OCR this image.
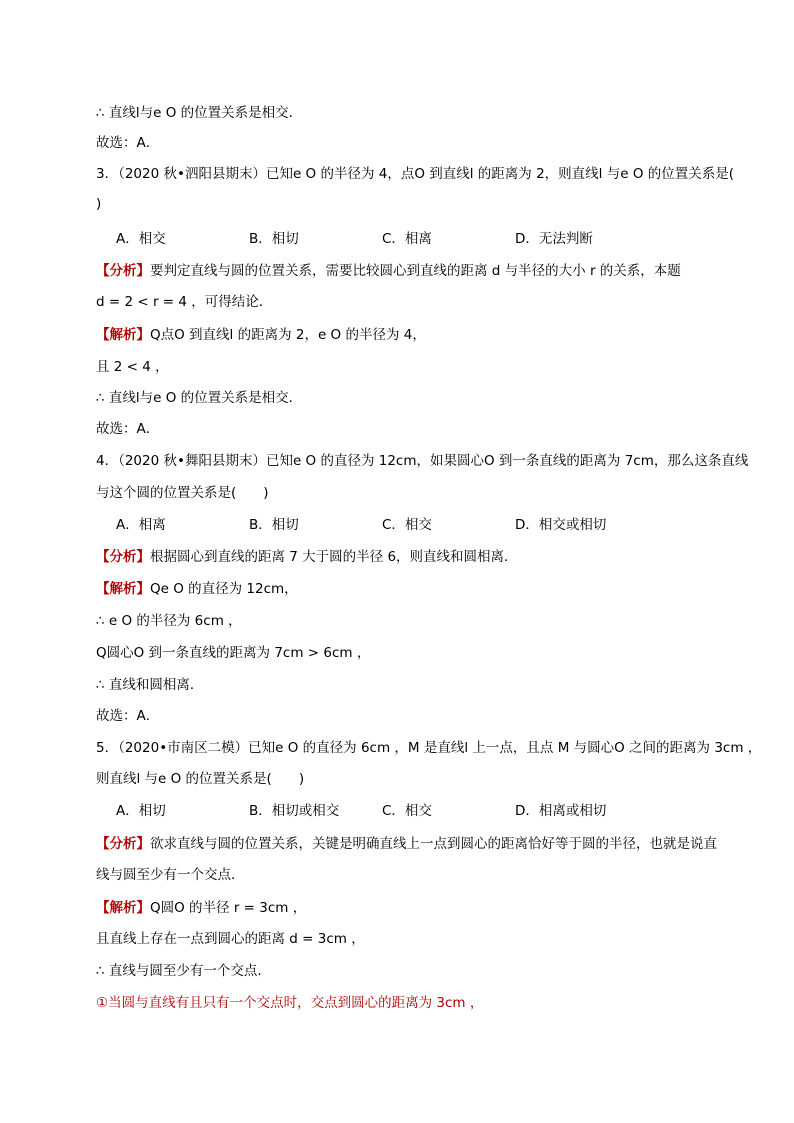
∴ 直线l与e O 的位置关系是相交．
故选：A．
3．（2020 秋•泗阳县期末）已知e O 的半径为 4，点O 到直线l 的距离为 2，则直线l 与e O 的位置关系是(
)
A．相交	B．相切	C．相离	D．无法判断
【分析】要判定直线与圆的位置关系，需要比较圆心到直线的距离 d 与半径的大小 r 的关系，本题
d = 2 < r = 4 ，可得结论．
【解析】Q点O 到直线l 的距离为 2，e O 的半径为 4，
且 2 < 4 ，
∴ 直线l与e O 的位置关系是相交．
故选：A．
4．（2020 秋•舞阳县期末）已知e O 的直径为 12cm，如果圆心O 到一条直线的距离为 7cm，那么这条直线
与这个圆的位置关系是(　　)
A．相离	B．相切	C．相交	D．相交或相切
【分析】根据圆心到直线的距离 7 大于圆的半径 6，则直线和圆相离．
【解析】Qe O 的直径为 12cm，
∴ e O 的半径为 6cm ，
Q圆心O 到一条直线的距离为 7cm > 6cm ，
∴ 直线和圆相离．
故选：A．
5．（2020•市南区二模）已知e O 的直径为 6cm ，M 是直线l 上一点，且点 M 与圆心O 之间的距离为 3cm ，
则直线l 与e O 的位置关系是(　　)
A．相切	B．相切或相交	C．相交	D．相离或相切
【分析】欲求直线与圆的位置关系，关键是明确直线上一点到圆心的距离恰好等于圆的半径，也就是说直
线与圆至少有一个交点．
【解析】Q圆O 的半径 r = 3cm ，
且直线上存在一点到圆心的距离 d = 3cm ，
∴ 直线与圆至少有一个交点．
①当圆与直线有且只有一个交点时，交点到圆心的距离为 3cm ，
